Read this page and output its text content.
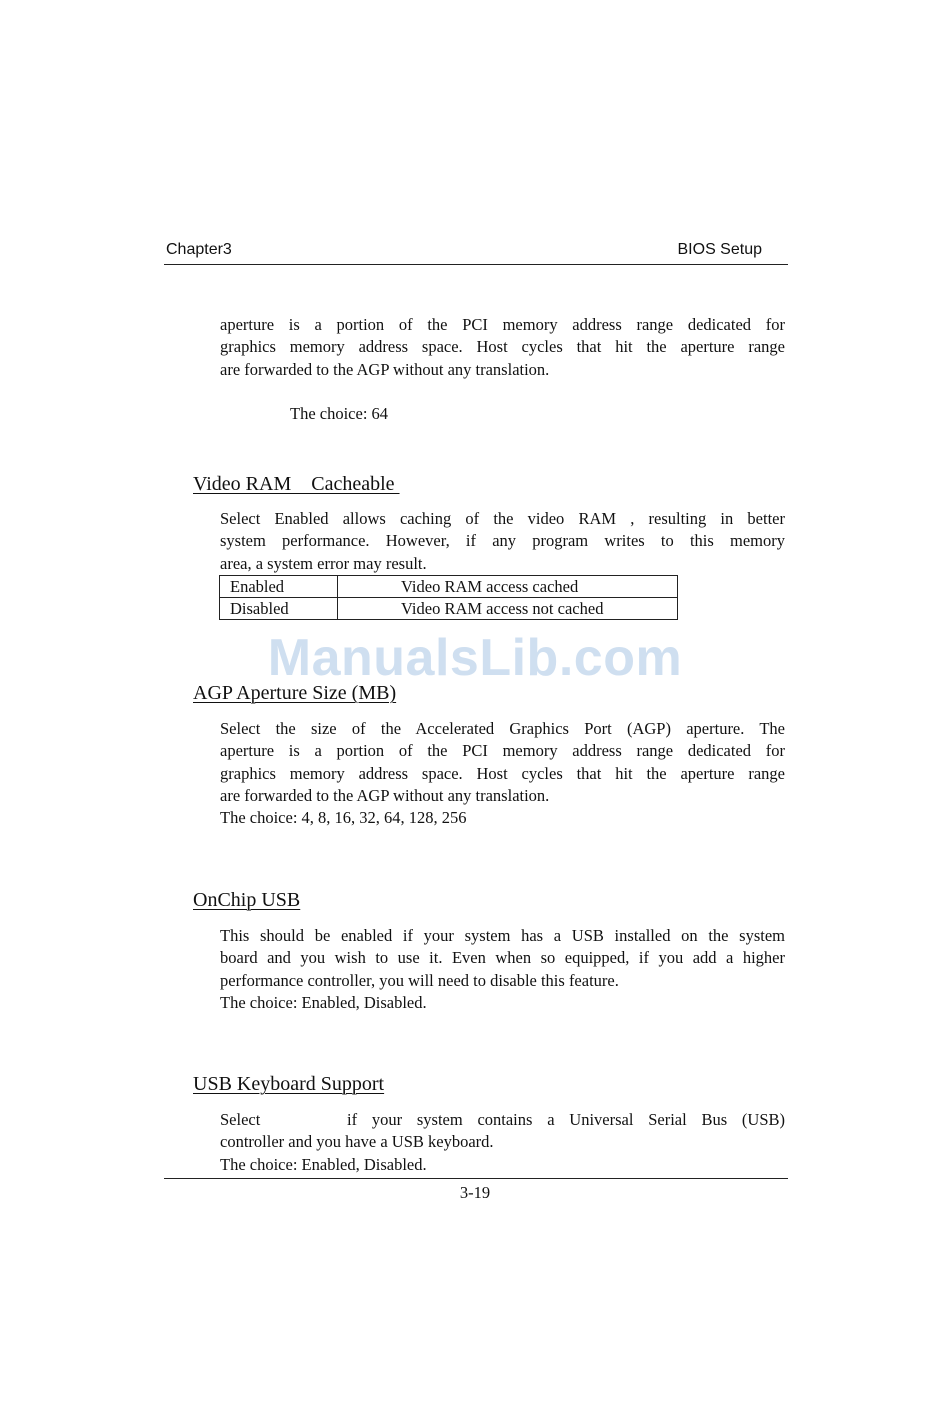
Chapter3	BIOS Setup
aperture is a portion of the PCI memory address range dedicated for
graphics memory address space. Host cycles that hit the aperture range
are forwarded to the AGP without any translation.
The choice: 64
Video RAM    Cacheable
Select Enabled allows caching of the video RAM , resulting in better
system performance. However, if any program writes to this memory
area, a system error may result.
Enabled	Video RAM access cached
Disabled	Video RAM access not cached
ManualsLib.com
AGP Aperture Size (MB)
Select the size of the Accelerated Graphics Port (AGP) aperture. The
aperture is a portion of the PCI memory address range dedicated for
graphics memory address space. Host cycles that hit the aperture range
are forwarded to the AGP without any translation.
The choice: 4, 8, 16, 32, 64, 128, 256
OnChip USB
This should be enabled if your system has a USB installed on the system
board and you wish to use it. Even when so equipped, if you add a higher
performance controller, you will need to disable this feature.
The choice: Enabled, Disabled.
USB Keyboard Support
Select	if your system contains a Universal Serial Bus (USB)
controller and you have a USB keyboard.
The choice: Enabled, Disabled.
3-19
